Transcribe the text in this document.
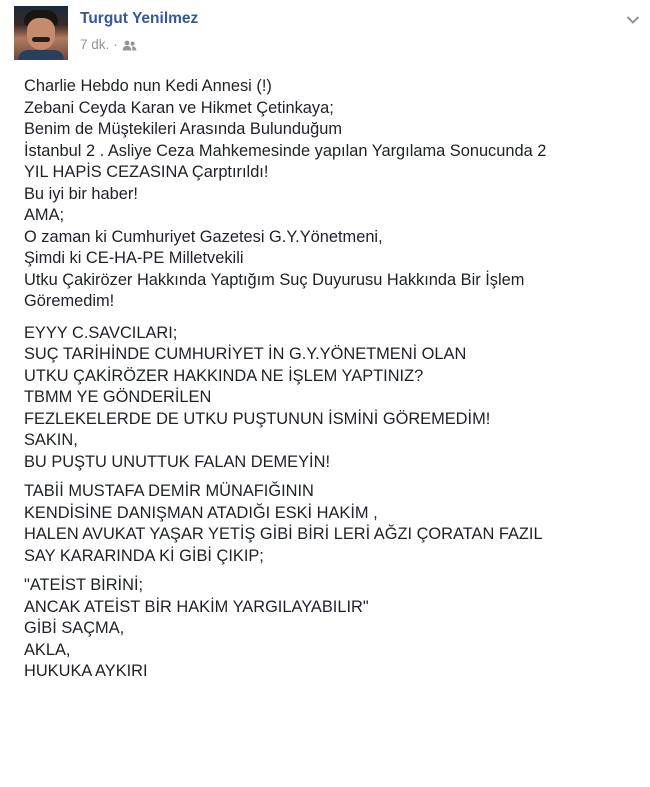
Turgut Yenilmez
7 dk. ·
Charlie Hebdo nun Kedi Annesi (!)
Zebani Ceyda Karan ve Hikmet Çetinkaya;
Benim de Müştekileri Arasında Bulunduğum
İstanbul 2 . Asliye Ceza Mahkemesinde yapılan Yargılama Sonucunda 2
YIL HAPİS CEZASINA Çarptırıldı!
Bu iyi bir haber!
AMA;
O zaman ki Cumhuriyet Gazetesi G.Y.Yönetmeni,
Şimdi ki CE-HA-PE Milletvekili
Utku Çakirözer Hakkında Yaptığım Suç Duyurusu Hakkında Bir İşlem
Göremedim!
EYYY C.SAVCILARI;
SUÇ TARİHİNDE CUMHURİYET İN G.Y.YÖNETMENİ OLAN
UTKU ÇAKİRÖZER HAKKINDA NE İŞLEM YAPTINIZ?
TBMM YE GÖNDERİLEN
FEZLEKELERDE DE UTKU PUŞTUNUN İSMİNİ GÖREMEDİM!
SAKIN,
BU PUŞTU UNUTTUK FALAN DEMEYİN!
TABİİ MUSTAFA DEMİR MÜNAFIĞININ
KENDİSİNE DANIŞMAN ATADIĞI ESKİ HAKİM ,
HALEN AVUKAT YAŞAR YETİŞ GİBİ BİRİ LERİ AĞZI ÇORATAN FAZIL
SAY KARARINDA Kİ GİBİ ÇIKIP;
"ATEİST BİRİNİ;
ANCAK ATEİST BİR HAKİM YARGILAYABILIR"
GİBİ SAÇMA,
AKLA,
HUKUKA AYKIRI
